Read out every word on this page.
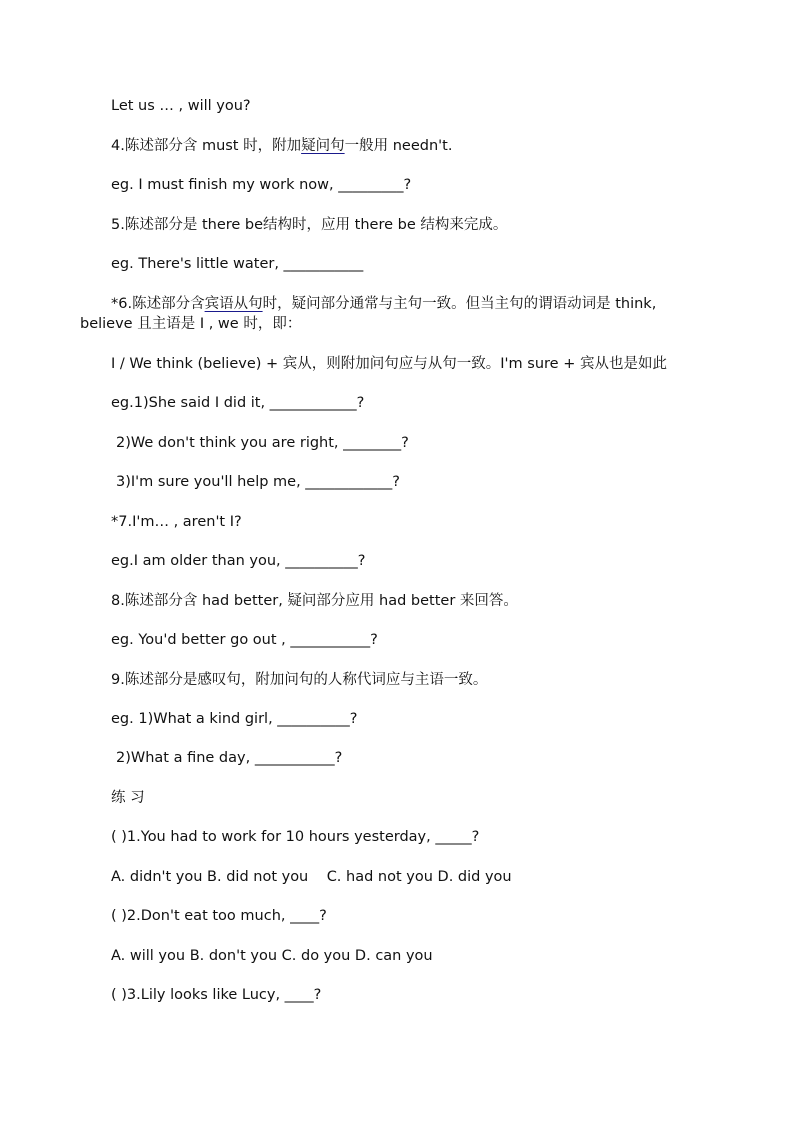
Let us … , will you?
4.陈述部分含 must 时，附加疑问句一般用 needn't.
eg. I must finish my work now, _________?
5.陈述部分是 there be结构时，应用 there be 结构来完成。
eg. There's little water, ___________
*6.陈述部分含宾语从句时，疑问部分通常与主句一致。但当主句的谓语动词是 think,
believe 且主语是 I , we 时，即：
I / We think (believe) + 宾从，则附加问句应与从句一致。I'm sure + 宾从也是如此
eg.1)She said I did it, ____________?
2)We don't think you are right, ________?
3)I'm sure you'll help me, ____________?
*7.I'm… , aren't I?
eg.I am older than you, __________?
8.陈述部分含 had better, 疑问部分应用 had better 来回答。
eg. You'd better go out , ___________?
9.陈述部分是感叹句，附加问句的人称代词应与主语一致。
eg. 1)What a kind girl, __________?
2)What a fine day, ___________?
练 习
( )1.You had to work for 10 hours yesterday, _____?
A. didn't you B. did not you    C. had not you D. did you
( )2.Don't eat too much, ____?
A. will you B. don't you C. do you D. can you
( )3.Lily looks like Lucy, ____?
